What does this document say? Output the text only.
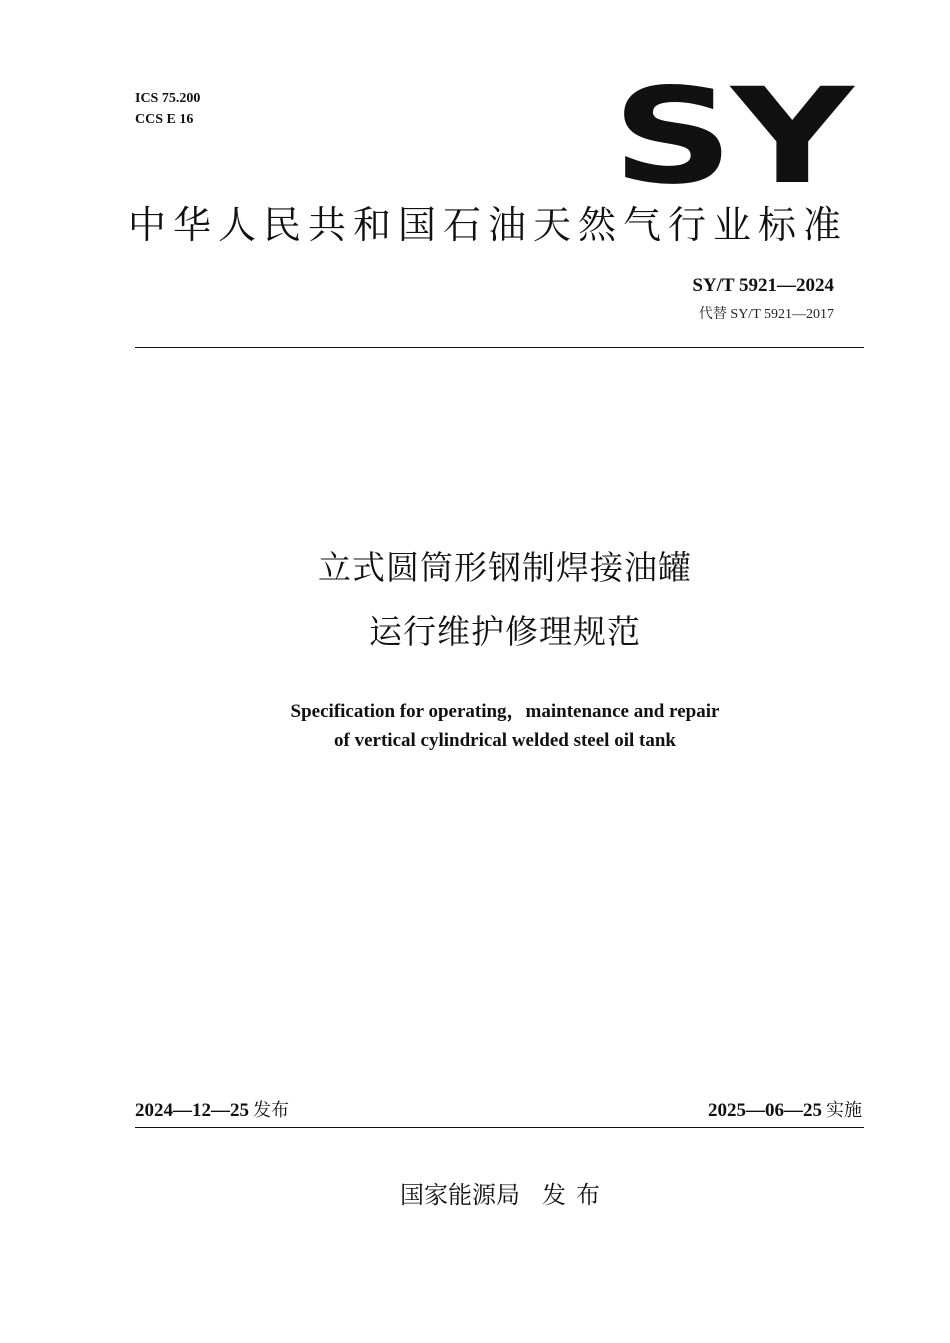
ICS 75.200
CCS E 16	SY
中华人民共和国石油天然气行业标准
SY/T 5921—2024
代替 SY/T 5921—2017
立式圆筒形钢制焊接油罐
运行维护修理规范
Specification for operating，maintenance and repair
of vertical cylindrical welded steel oil tank
2024—12—25 发布	2025—06—25 实施
国家能源局 发布
